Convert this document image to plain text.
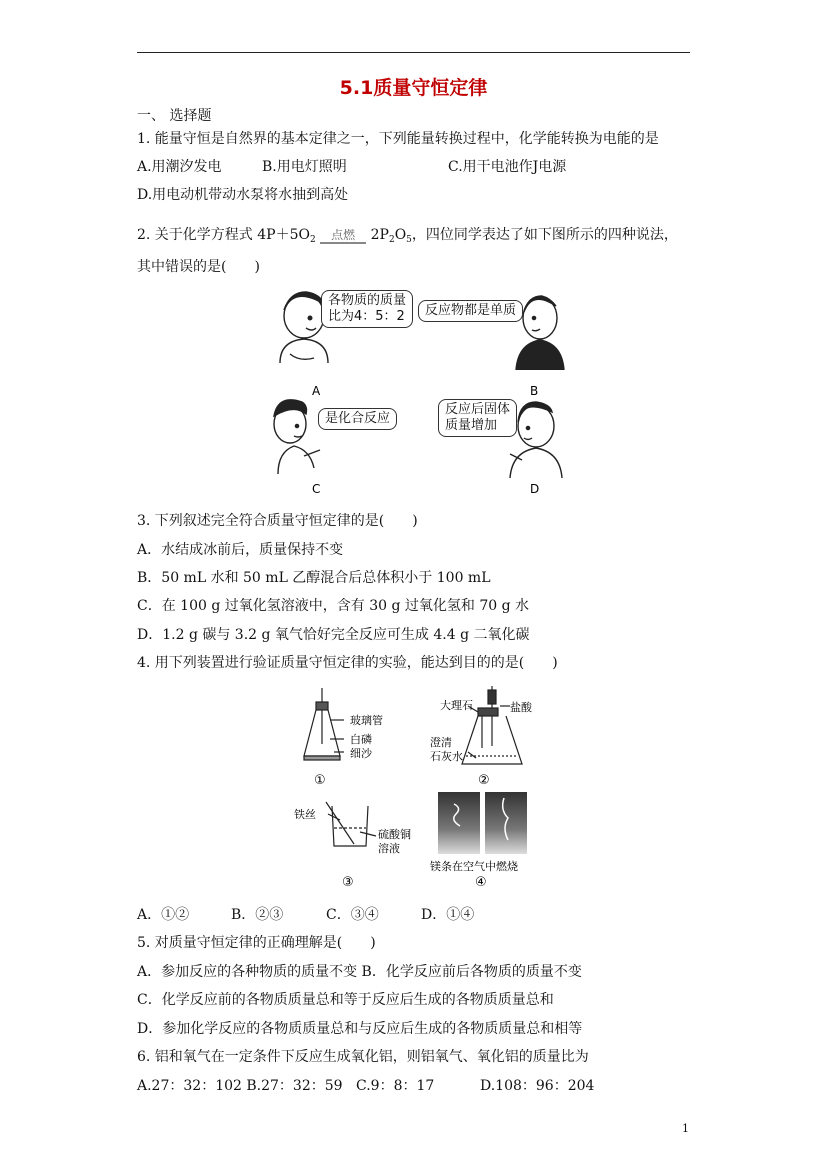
5.1质量守恒定律
一、 选择题
1. 能量守恒是自然界的基本定律之一，下列能量转换过程中，化学能转换为电能的是
A.用潮汐发电	B.用电灯照明	C.用干电池作J电源
D.用电动机带动水泵将水抽到高处
2. 关于化学方程式 $4P+5O_2$	点燃 $2P_2O_5$，四位同学表达了如下图所示的四种说法，
其中错误的是(　　)
A	B
C	D
各物质的质量
比为4：5：2	反应物都是单质
是化合反应
反应后固体
质量增加
3. 下列叙述完全符合质量守恒定律的是(　　)
A．水结成冰前后，质量保持不变
B．50 mL 水和 50 mL 乙醇混合后总体积小于 100 mL
C．在 100 g 过氧化氢溶液中，含有 30 g 过氧化氢和 70 g 水
D．1.2 g 碳与 3.2 g 氧气恰好完全反应可生成 4.4 g 二氧化碳
4. 用下列装置进行验证质量守恒定律的实验，能达到目的的是(　　)
玻璃管
白磷
细沙
①
大理石	盐酸
澄清
石灰水
②
铁丝
硫酸铜
溶液
③
镁条在空气中燃烧
④
A．①②	B．②③	C．③④	D．①④
5. 对质量守恒定律的正确理解是(　　)
A．参加反应的各种物质的质量不变 B．化学反应前后各物质的质量不变
C．化学反应前的各物质质量总和等于反应后生成的各物质质量总和
D．参加化学反应的各物质质量总和与反应后生成的各物质质量总和相等
6. 铝和氧气在一定条件下反应生成氧化铝，则铝氧气、氧化铝的质量比为
A.27：32：102 B.27：32：59 C.9：8：17	D.108：96：204
1
